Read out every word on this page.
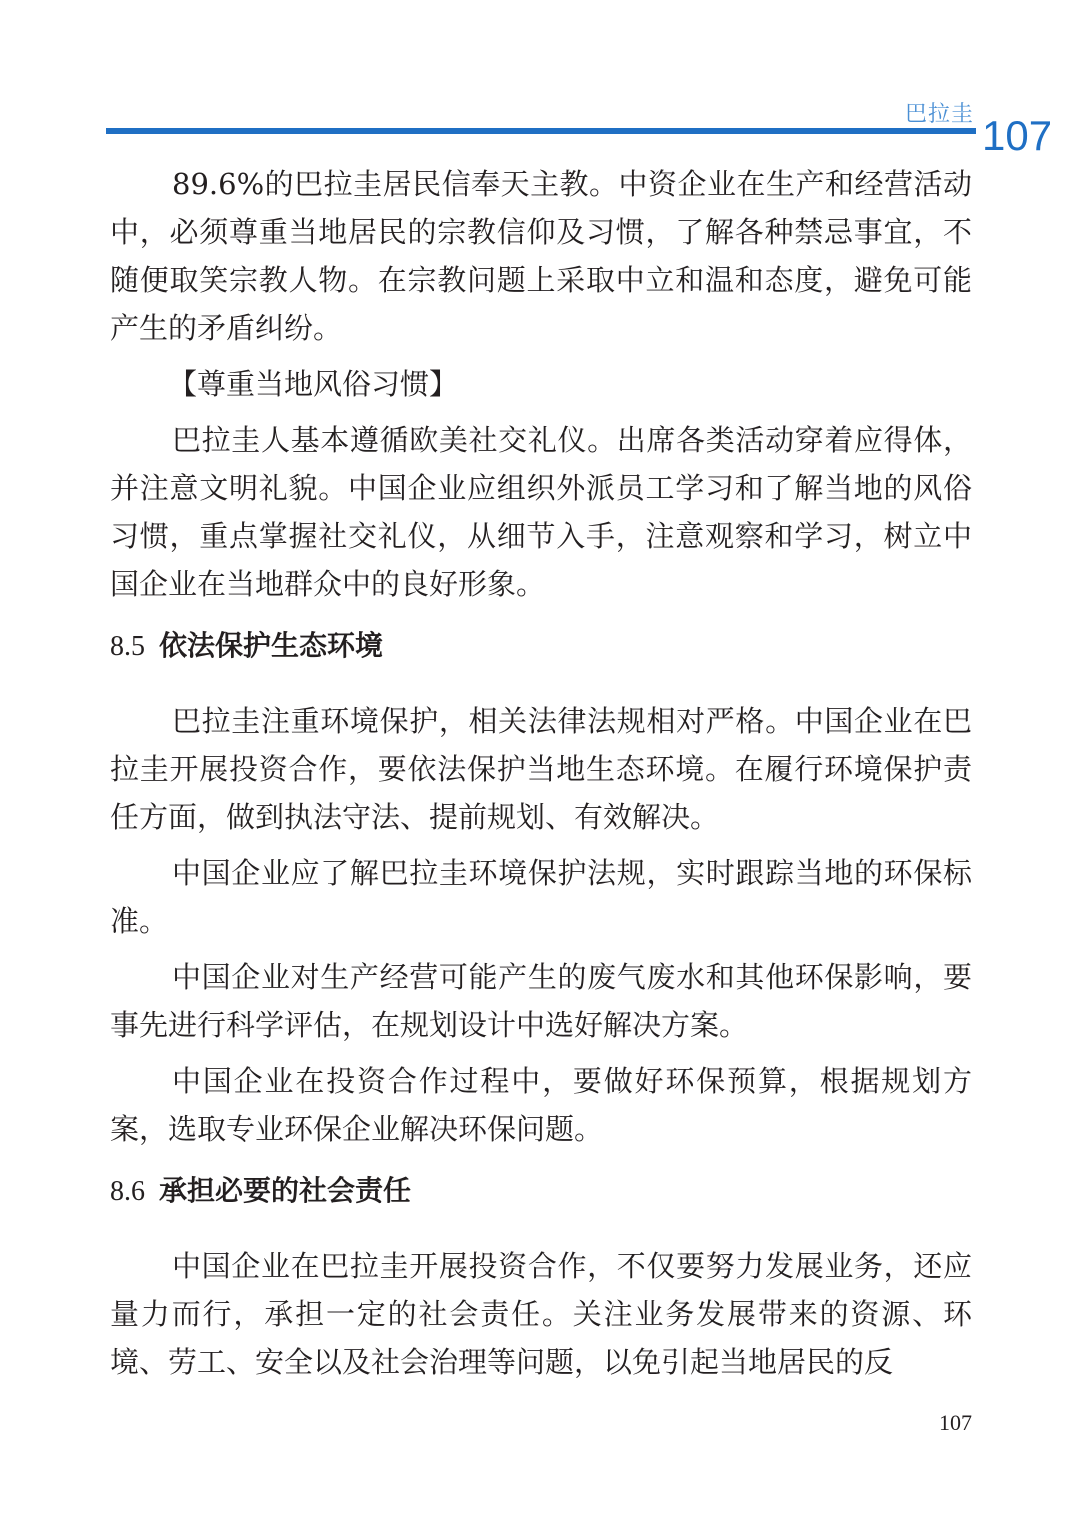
巴拉圭 107

89.6%的巴拉圭居民信奉天主教。中资企业在生产和经营活动中，必须尊重当地居民的宗教信仰及习惯，了解各种禁忌事宜，不随便取笑宗教人物。在宗教问题上采取中立和温和态度，避免可能产生的矛盾纠纷。

【尊重当地风俗习惯】

巴拉圭人基本遵循欧美社交礼仪。出席各类活动穿着应得体，并注意文明礼貌。中国企业应组织外派员工学习和了解当地的风俗习惯，重点掌握社交礼仪，从细节入手，注意观察和学习，树立中国企业在当地群众中的良好形象。

8.5 依法保护生态环境

巴拉圭注重环境保护，相关法律法规相对严格。中国企业在巴拉圭开展投资合作，要依法保护当地生态环境。在履行环境保护责任方面，做到执法守法、提前规划、有效解决。

中国企业应了解巴拉圭环境保护法规，实时跟踪当地的环保标准。

中国企业对生产经营可能产生的废气废水和其他环保影响，要事先进行科学评估，在规划设计中选好解决方案。

中国企业在投资合作过程中，要做好环保预算，根据规划方案，选取专业环保企业解决环保问题。

8.6 承担必要的社会责任

中国企业在巴拉圭开展投资合作，不仅要努力发展业务，还应量力而行，承担一定的社会责任。关注业务发展带来的资源、环境、劳工、安全以及社会治理等问题，以免引起当地居民的反

107
